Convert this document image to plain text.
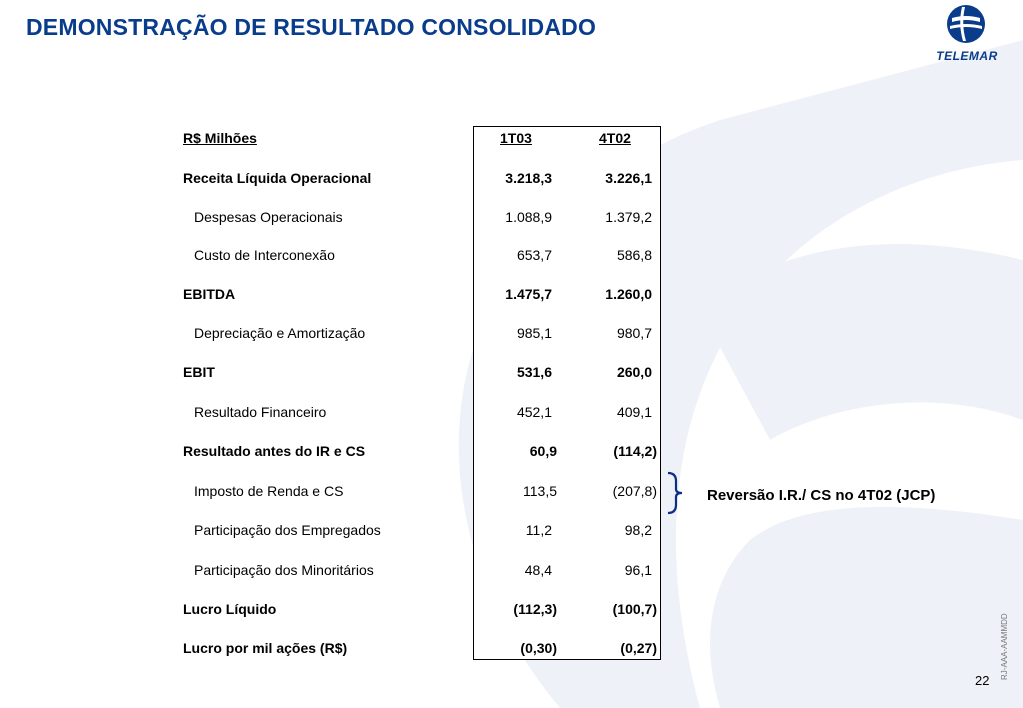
DEMONSTRAÇÃO DE RESULTADO CONSOLIDADO
TELEMAR
R$ Milhões	1T03	4T02
Receita Líquida Operacional	3.218,3	3.226,1
Despesas Operacionais	1.088,9	1.379,2
Custo de Interconexão	653,7	586,8
EBITDA	1.475,7	1.260,0
Depreciação e Amortização	985,1	980,7
EBIT	531,6	260,0
Resultado Financeiro	452,1	409,1
Resultado antes do IR e CS	60,9	(114,2)
Imposto de Renda e CS	113,5	(207,8)
Participação dos Empregados	11,2	98,2
Participação dos Minoritários	48,4	96,1
Lucro Líquido	(112,3)	(100,7)
Lucro por mil ações (R$)	(0,30)	(0,27)
Reversão I.R./ CS no 4T02 (JCP)
22
RJ-AAA-AAMMDD
